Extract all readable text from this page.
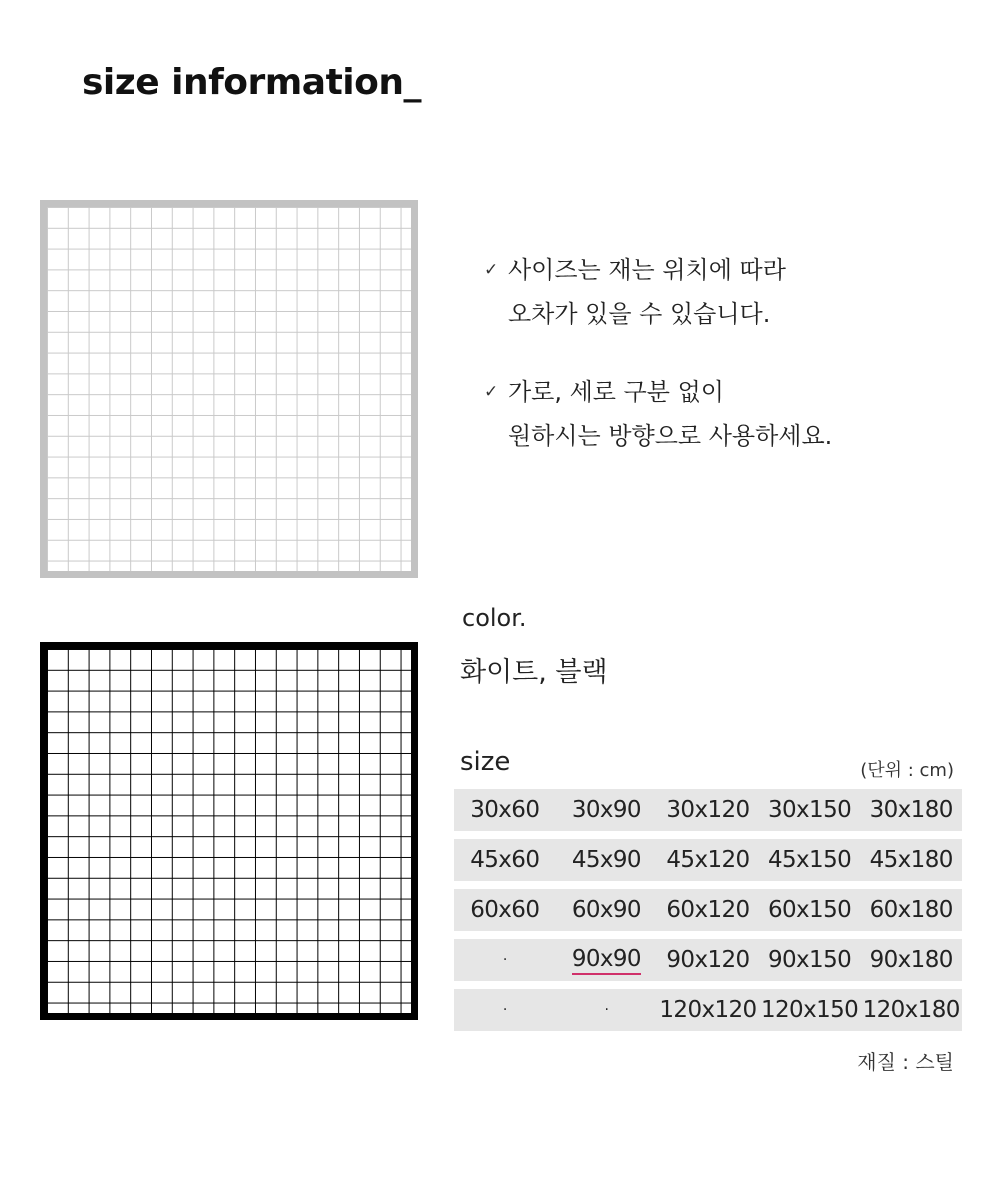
size information_
✓ 사이즈는 재는 위치에 따라
오차가 있을 수 있습니다.
✓ 가로, 세로 구분 없이
원하시는 방향으로 사용하세요.
color.
화이트, 블랙
size	(단위 : cm)
30x60	30x90	30x120 30x150 30x180
45x60	45x90	45x120 45x150 45x180
60x60	60x90	60x120 60x150 60x180
·	90x90	90x120 90x150 90x180
·	·	120x120 120x150 120x180
재질 : 스틸
